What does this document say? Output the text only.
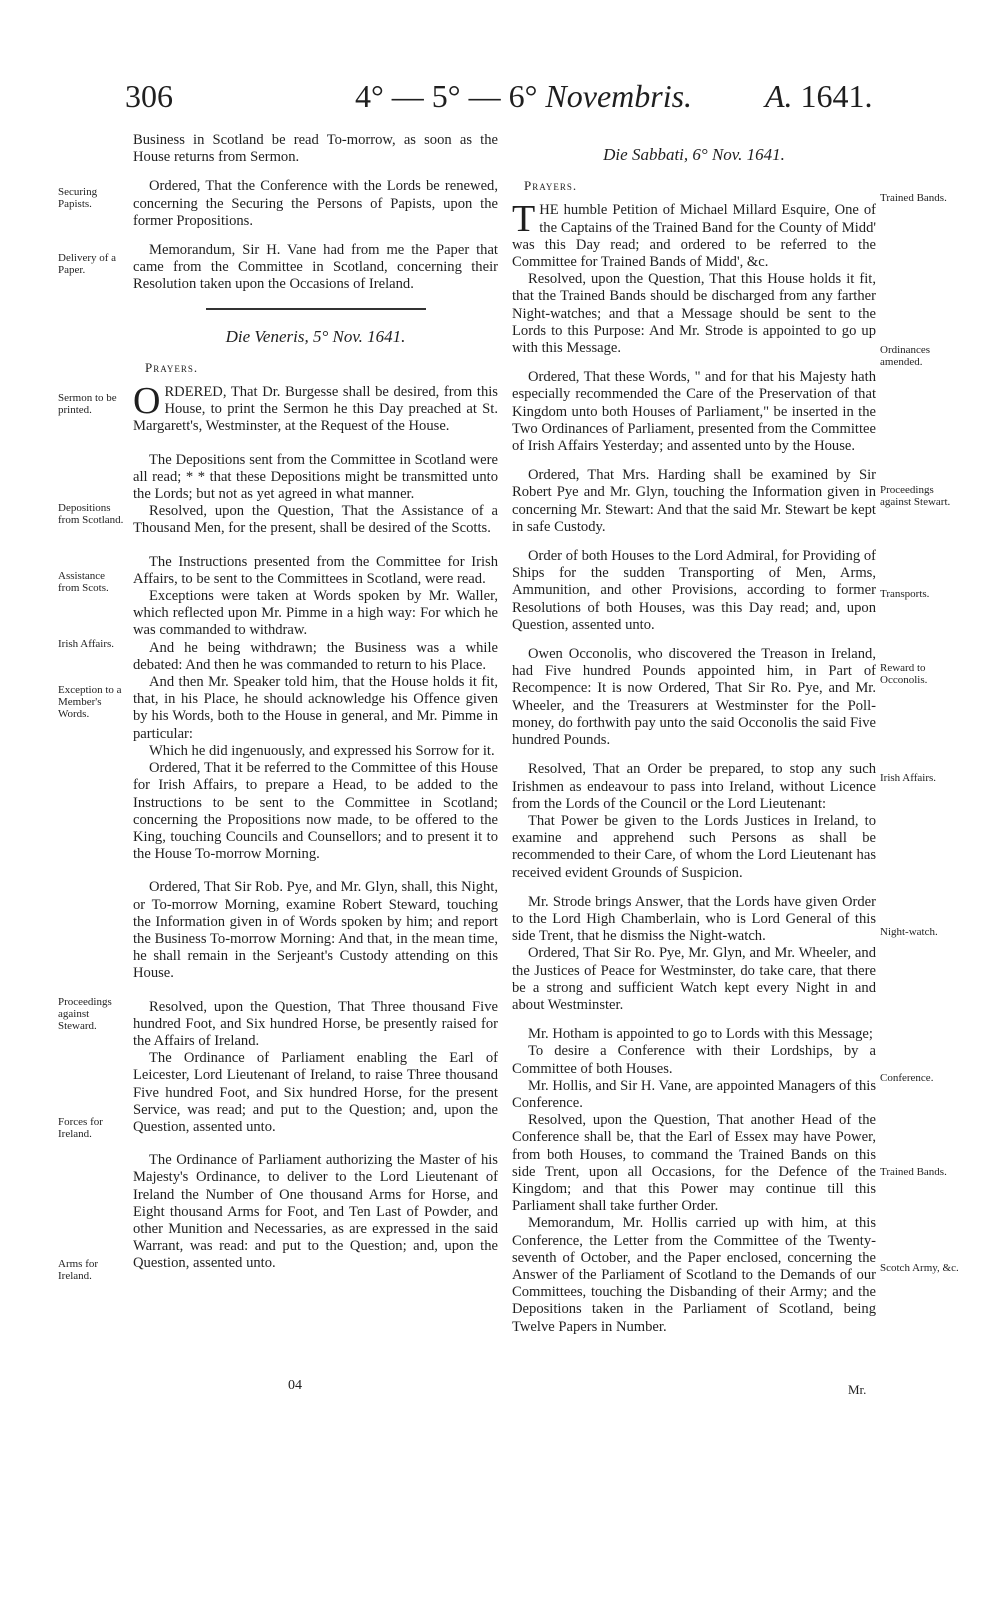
306	4° — 5° — 6° Novembris. A. 1641.

Business in Scotland be read To-morrow, as soon as the House returns from Sermon.

Ordered, That the Conference with the Lords be renewed, concerning the Securing the Persons of Papists, upon the former Propositions.

Memorandum, Sir H. Vane had from me the Paper that came from the Committee in Scotland, concerning their Resolution taken upon the Occasions of Ireland.

Die Veneris, 5° Nov. 1641.
Prayers.

ORDERED, That Dr. Burgesse shall be desired, from this House, to print the Sermon he this Day preached at St. Margarett's, Westminster, at the Request of the House.

The Depositions sent from the Committee in Scotland were all read; * * that these Depositions might be transmitted unto the Lords; but not as yet agreed in what manner.

Resolved, upon the Question, That the Assistance of a Thousand Men, for the present, shall be desired of the Scotts.

The Instructions presented from the Committee for Irish Affairs, to be sent to the Committees in Scotland, were read.

Exceptions were taken at Words spoken by Mr. Waller, which reflected upon Mr. Pimme in a high way: For which he was commanded to withdraw.

And he being withdrawn; the Business was a while debated: And then he was commanded to return to his Place.

And then Mr. Speaker told him, that the House holds it fit, that, in his Place, he should acknowledge his Offence given by his Words, both to the House in general, and Mr. Pimme in particular:

Which he did ingenuously, and expressed his Sorrow for it.

Ordered, That it be referred to the Committee of this House for Irish Affairs, to prepare a Head, to be added to the Instructions to be sent to the Committee in Scotland; concerning the Propositions now made, to be offered to the King, touching Councils and Counsellors; and to present it to the House To-morrow Morning.

Ordered, That Sir Rob. Pye, and Mr. Glyn, shall, this Night, or To-morrow Morning, examine Robert Steward, touching the Information given in of Words spoken by him; and report the Business To-morrow Morning: And that, in the mean time, he shall remain in the Serjeant's Custody attending on this House.

Resolved, upon the Question, That Three thousand Five hundred Foot, and Six hundred Horse, be presently raised for the Affairs of Ireland.

The Ordinance of Parliament enabling the Earl of Leicester, Lord Lieutenant of Ireland, to raise Three thousand Five hundred Foot, and Six hundred Horse, for the present Service, was read; and put to the Question; and, upon the Question, assented unto.

The Ordinance of Parliament authorizing the Master of his Majesty's Ordinance, to deliver to the Lord Lieutenant of Ireland the Number of One thousand Arms for Horse, and Eight thousand Arms for Foot, and Ten Last of Powder, and other Munition and Necessaries, as are expressed in the said Warrant, was read: and put to the Question; and, upon the Question, assented unto.

Die Sabbati, 6° Nov. 1641.
Prayers.

THE humble Petition of Michael Millard Esquire, One of the Captains of the Trained Band for the County of Midd' was this Day read; and ordered to be referred to the Committee for Trained Bands of Midd', &c.

Resolved, upon the Question, That this House holds it fit, that the Trained Bands should be discharged from any farther Night-watches; and that a Message should be sent to the Lords to this Purpose: And Mr. Strode is appointed to go up with this Message.

Ordered, That these Words, " and for that his Majesty hath especially recommended the Care of the Preservation of that Kingdom unto both Houses of Parliament," be inserted in the Two Ordinances of Parliament, presented from the Committee of Irish Affairs Yesterday; and assented unto by the House.

Ordered, That Mrs. Harding shall be examined by Sir Robert Pye and Mr. Glyn, touching the Information given in concerning Mr. Stewart: And that the said Mr. Stewart be kept in safe Custody.

Order of both Houses to the Lord Admiral, for Providing of Ships for the sudden Transporting of Men, Arms, Ammunition, and other Provisions, according to former Resolutions of both Houses, was this Day read; and, upon Question, assented unto.

Owen Occonolis, who discovered the Treason in Ireland, had Five hundred Pounds appointed him, in Part of Recompence: It is now Ordered, That Sir Ro. Pye, and Mr. Wheeler, and the Treasurers at Westminster for the Poll-money, do forthwith pay unto the said Occonolis the said Five hundred Pounds.

Resolved, That an Order be prepared, to stop any such Irishmen as endeavour to pass into Ireland, without Licence from the Lords of the Council or the Lord Lieutenant:

That Power be given to the Lords Justices in Ireland, to examine and apprehend such Persons as shall be recommended to their Care, of whom the Lord Lieutenant has received evident Grounds of Suspicion.

Mr. Strode brings Answer, that the Lords have given Order to the Lord High Chamberlain, who is Lord General of this side Trent, that he dismiss the Night-watch.

Ordered, That Sir Ro. Pye, Mr. Glyn, and Mr. Wheeler, and the Justices of Peace for Westminster, do take care, that there be a strong and sufficient Watch kept every Night in and about Westminster.

Mr. Hotham is appointed to go to Lords with this Message;

To desire a Conference with their Lordships, by a Committee of both Houses.

Mr. Hollis, and Sir H. Vane, are appointed Managers of this Conference.

Resolved, upon the Question, That another Head of the Conference shall be, that the Earl of Essex may have Power, from both Houses, to command the Trained Bands on this side Trent, upon all Occasions, for the Defence of the Kingdom; and that this Power may continue till this Parliament shall take further Order.

Memorandum, Mr. Hollis carried up with him, at this Conference, the Letter from the Committee of the Twenty-seventh of October, and the Paper enclosed, concerning the Answer of the Parliament of Scotland to the Demands of our Committees, touching the Disbanding of their Army; and the Depositions taken in the Parliament of Scotland, being Twelve Papers in Number.

Securing Papists.
Delivery of a Paper.
Sermon to be printed.
Depositions from Scotland.
Assistance from Scots.
Irish Affairs.
Exception to a Member's Words.
Proceedings against Steward.
Forces for Ireland.
Arms for Ireland.
Trained Bands.
Ordinances amended.
Proceedings against Stewart.
Transports.
Reward to Occonolis.
Irish Affairs.
Night-watch.
Conference.
Trained Bands.
Scotch Army, &c.
04	Mr.
